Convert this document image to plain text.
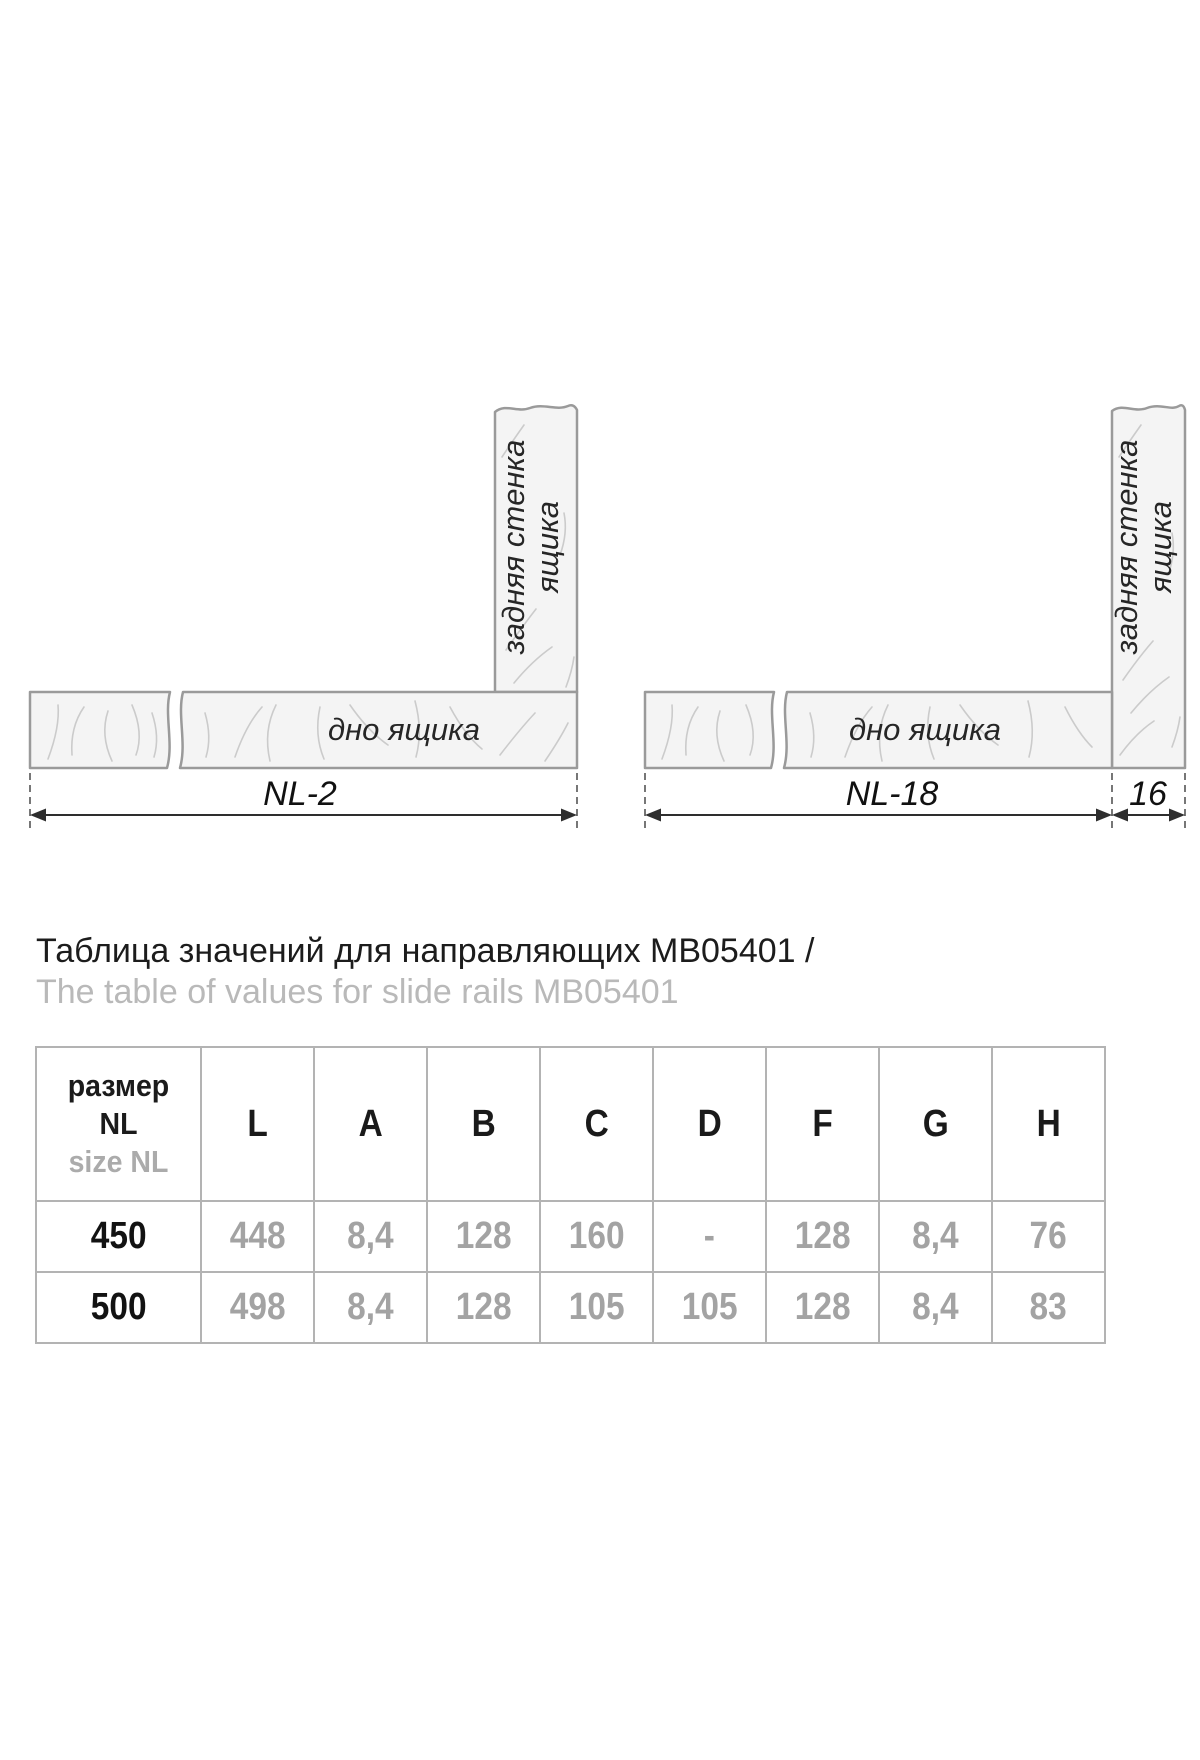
задняя стенка ящика
дно ящика
NL-2
задняя стенка ящика
дно ящика
NL-18	16
Таблица значений для направляющих МВ05401 /
The table of values for slide rails MB05401
размер
NL
size NL	L	A	B	C	D	F	G	H
450	448	8,4	128	160	-	128	8,4	76
500	498	8,4	128	105	105	128	8,4	83
